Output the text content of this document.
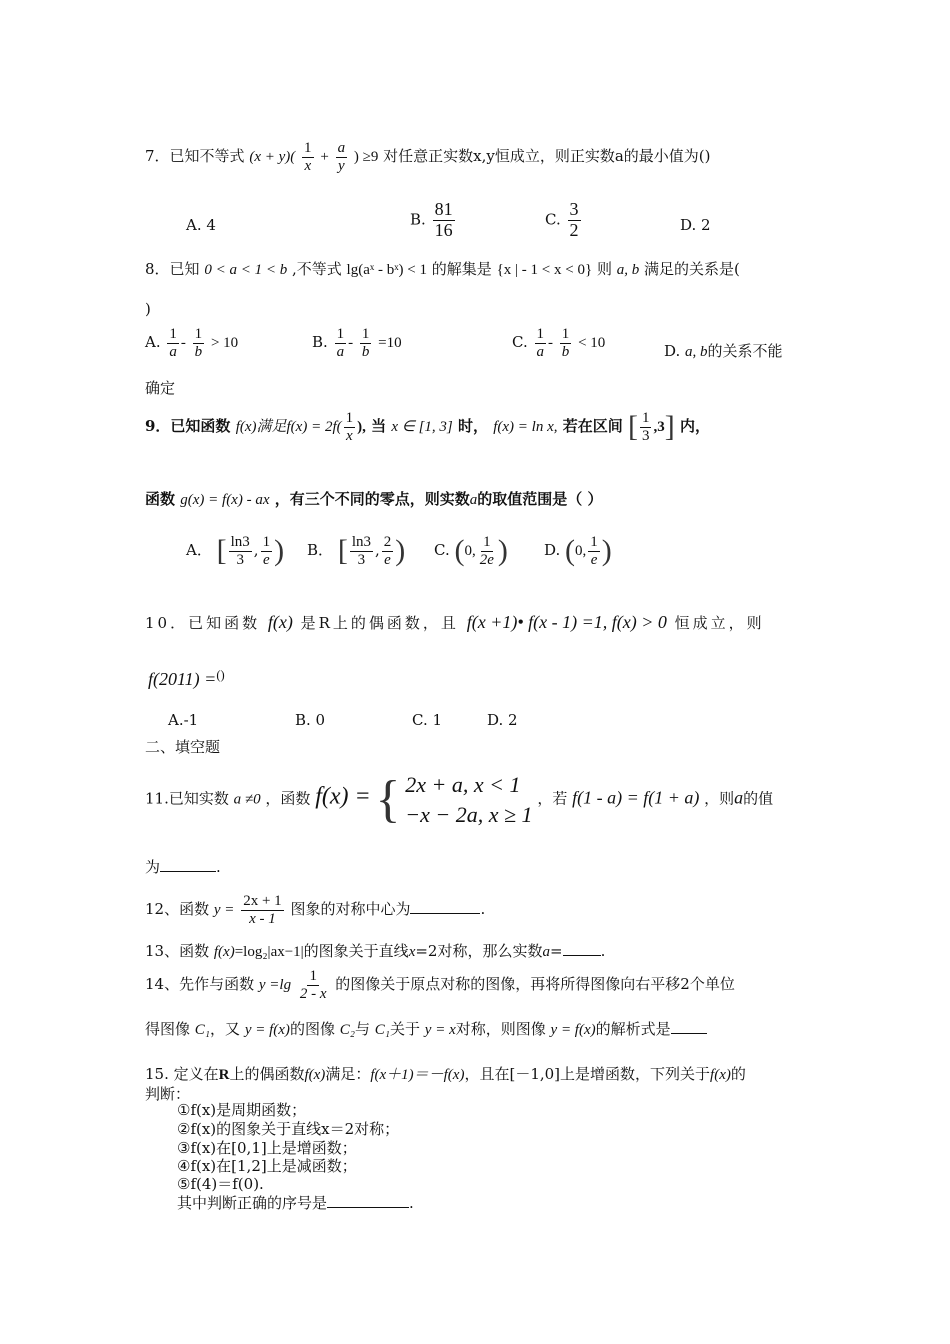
7．已知不等式 $(x + y)( \frac{1}{x} + \frac{a}{y}$ ) ≥9 对任意正实数x,y恒成立，则正实数a的最小值为()
A. 4	B. $\frac{81}{16}$	C. $\frac{3}{2}$	D. 2
8．已知 0 < a < 1 < b ,不等式 lg(aˣ - bˣ) < 1 的解集是 {x | - 1 < x < 0} 则 a, b 满足的关系是(
)
A. $\frac{1}{a} - \frac{1}{b} > 10$	B. $\frac{1}{a} - \frac{1}{b} =10$	C. $\frac{1}{a} - \frac{1}{b} < 10$	D. a, b的关系不能
确定
9．已知函数 f(x)满足$f(x) = 2f( \frac{1}{x}$ ), 当 x ∈ [1, 3] 时， f(x) = ln x, 若在区间 [ $\frac{1}{3} ,3$] 内，
函数 g(x) = f(x) - ax ，有三个不同的零点，则实数a的取值范围是（ ）
A． [ $\frac{\ln 3}{3}$ , $\frac{1}{e}$ ) B． [ $\frac{\ln 3}{3}$ , $\frac{2}{e}$ ) C. (0, $\frac{1}{2e}$ ) D. (0, $\frac{1}{e}$ )
10．已知函数 f(x) 是R上的偶函数，且 f(x +1)• f(x - 1) =1, f(x) > 0 恒成立，则
f(2011) =()
A.-1	B. 0	C. 1	D. 2
二、填空题
11.已知实数 a ≠0 ，函数 f(x) = { 2x + a, x < 1
−x − 2a, x ≥ 1
，若 f(1 - a) = f(1 + a) ，则a的值
为	.
12、函数 $y = \frac{2x + 1}{x - 1}$ 图象的对称中心为	.
13、函数 f(x)=log₂|ax−1|的图象关于直线x=2对称，那么实数a=	.
14、先作与函数 $y =\lg \frac{1}{2 - x}$ 的图像关于原点对称的图像，再将所得图像向右平移2个单位
得图像 C₁，又 y = f(x)的图像 C₂与 C₁关于 y = x对称，则图像 y = f(x)的解析式是
15. 定义在R上的偶函数f(x)满足：f(x＋1)＝－f(x)，且在[－1,0]上是增函数，下列关于f(x)的
判断：
①f(x)是周期函数；
②f(x)的图象关于直线x＝2对称；
③f(x)在[0,1]上是增函数；
④f(x)在[1,2]上是减函数；
⑤f(4)＝f(0).
其中判断正确的序号是	.
